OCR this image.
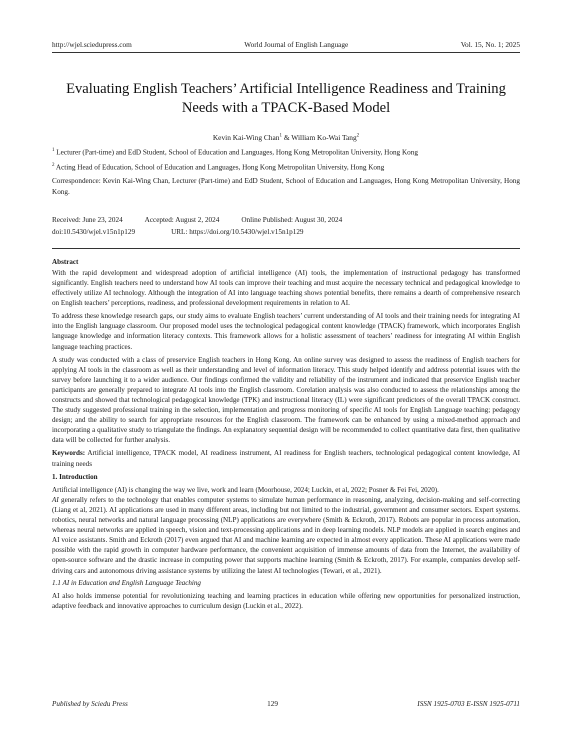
http://wjel.sciedupress.com	World Journal of English Language	Vol. 15, No. 1; 2025
Evaluating English Teachers’ Artificial Intelligence Readiness and Training Needs with a TPACK-Based Model
Kevin Kai-Wing Chan$^1$ & William Ko-Wai Tang$^2$
$^1$ Lecturer (Part-time) and EdD Student, School of Education and Languages, Hong Kong Metropolitan University, Hong Kong
$^2$ Acting Head of Education, School of Education and Languages, Hong Kong Metropolitan University, Hong Kong
Correspondence: Kevin Kai-Wing Chan, Lecturer (Part-time) and EdD Student, School of Education and Languages, Hong Kong Metropolitan University, Hong Kong.
Received: June 23, 2024	Accepted: August 2, 2024	Online Published: August 30, 2024
doi:10.5430/wjel.v15n1p129	URL: https://doi.org/10.5430/wjel.v15n1p129
Abstract
With the rapid development and widespread adoption of artificial intelligence (AI) tools, the implementation of instructional pedagogy has transformed significantly. English teachers need to understand how AI tools can improve their teaching and must acquire the necessary technical and pedagogical knowledge to effectively utilize AI technology. Although the integration of AI into language teaching shows potential benefits, there remains a dearth of comprehensive research on English teachers’ perceptions, readiness, and professional development requirements in relation to AI.
To address these knowledge research gaps, our study aims to evaluate English teachers’ current understanding of AI tools and their training needs for integrating AI into the English language classroom. Our proposed model uses the technological pedagogical content knowledge (TPACK) framework, which incorporates English language knowledge and information literacy contexts. This framework allows for a holistic assessment of teachers’ readiness for integrating AI within English language teaching practices.
A study was conducted with a class of preservice English teachers in Hong Kong. An online survey was designed to assess the readiness of English teachers for applying AI tools in the classroom as well as their understanding and level of information literacy. This study helped identify and address potential issues with the survey before launching it to a wider audience. Our findings confirmed the validity and reliability of the instrument and indicated that preservice English teacher participants are generally prepared to integrate AI tools into the English classroom. Corelation analysis was also conducted to assess the relationships among the constructs and showed that technological pedagogical knowledge (TPK) and instructional literacy (IL) were significant predictors of the overall TPACK construct. The study suggested professional training in the selection, implementation and progress monitoring of specific AI tools for English Language teaching; pedagogy design; and the ability to search for appropriate resources for the English classroom. The framework can be enhanced by using a mixed-method approach and incorporating a qualitative study to triangulate the findings. An explanatory sequential design will be recommended to collect quantitative data first, then qualitative data will be collected for further analysis.
Keywords: Artificial intelligence, TPACK model, AI readiness instrument, AI readiness for English teachers, technological pedagogical content knowledge, AI training needs
1. Introduction
Artificial intelligence (AI) is changing the way we live, work and learn (Moorhouse, 2024; Luckin, et al, 2022; Posner & Fei Fei, 2020).
AI generally refers to the technology that enables computer systems to simulate human performance in reasoning, analyzing, decision-making and self-correcting (Liang et al, 2021). AI applications are used in many different areas, including but not limited to the industrial, government and consumer sectors. Expert systems. robotics, neural networks and natural language processing (NLP) applications are everywhere (Smith & Eckroth, 2017). Robots are popular in process automation, whereas neural networks are applied in speech, vision and text-processing applications and in deep learning models. NLP models are applied in search engines and AI voice assistants. Smith and Eckroth (2017) even argued that AI and machine learning are expected in almost every application. These AI applications were made possible with the rapid growth in computer hardware performance, the convenient acquisition of immense amounts of data from the Internet, the availability of open-source software and the drastic increase in computing power that supports machine learning (Smith & Eckroth, 2017). For example, companies develop self-driving cars and autonomous driving assistance systems by utilizing the latest AI technologies (Tewari, et al., 2021).
1.1 AI in Education and English Language Teaching
AI also holds immense potential for revolutionizing teaching and learning practices in education while offering new opportunities for personalized instruction, adaptive feedback and innovative approaches to curriculum design (Luckin et al., 2022).
Published by Sciedu Press	129	ISSN 1925-0703 E-ISSN 1925-0711
